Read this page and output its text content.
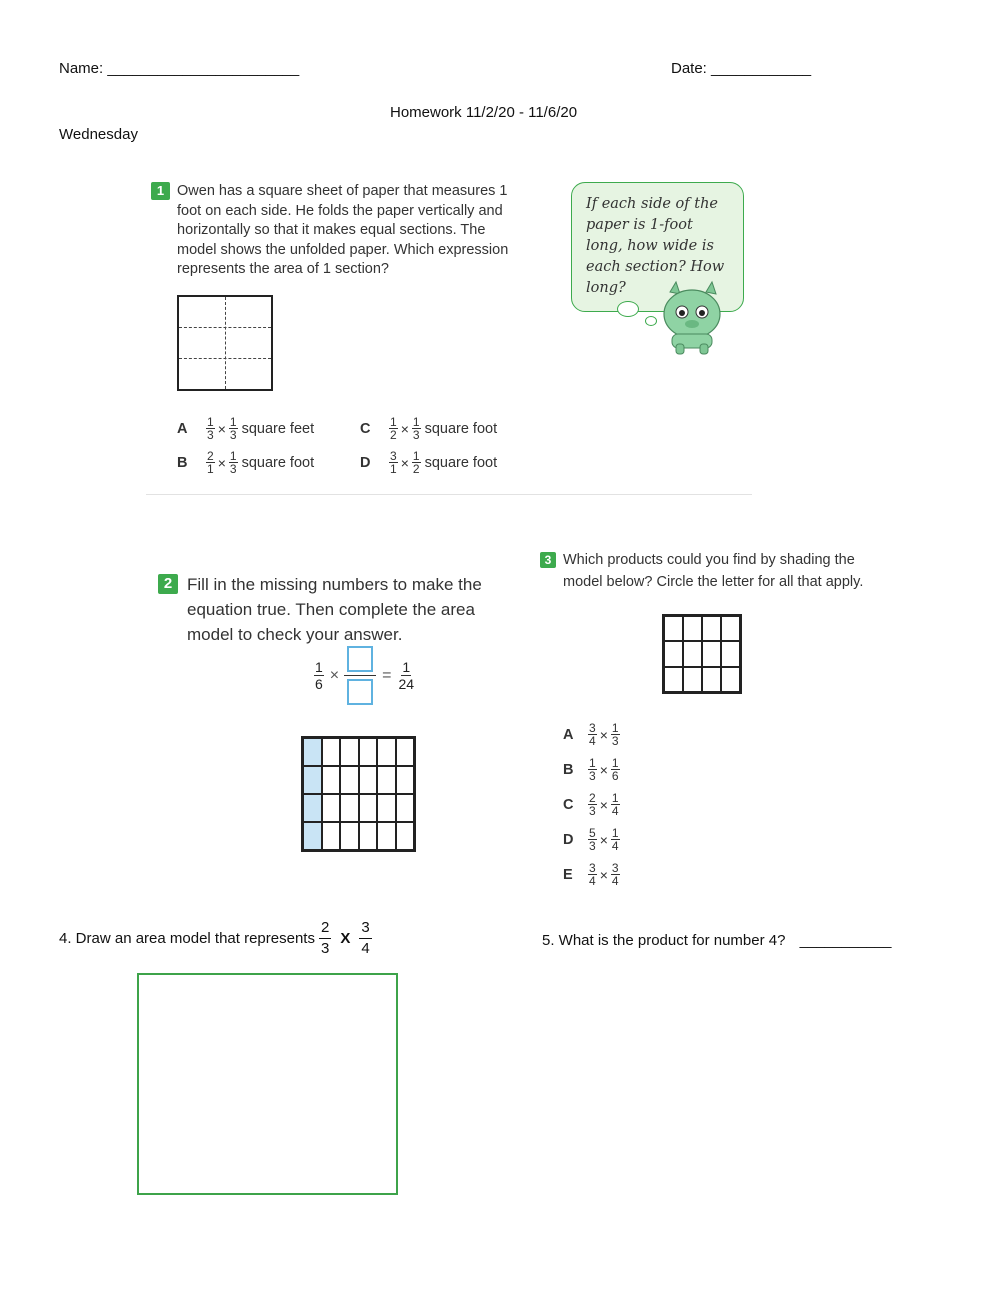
Name: _______________________	Date: ____________
Homework 11/2/20 - 11/6/20
Wednesday
1 Owen has a square sheet of paper that measures 1 foot on each side. He folds the paper vertically and horizontally so that it makes equal sections. The model shows the unfolded paper. Which expression represents the area of 1 section?
If each side of the paper is 1-foot long, how wide is each section? How long?
A	$\frac{1}{3} \times \frac{1}{3}$ square feet	C	$\frac{1}{2} \times \frac{1}{3}$ square foot
B	$\frac{2}{1} \times \frac{1}{3}$ square foot	D	$\frac{3}{1} \times \frac{1}{2}$ square foot
2 Fill in the missing numbers to make the equation true. Then complete the area model to check your answer.
$\frac{1}{6}$ ×	= $\frac{1}{24}$
3 Which products could you find by shading the model below? Circle the letter for all that apply.
A	$\frac{3}{4} \times \frac{1}{3}$
B	$\frac{1}{3} \times \frac{1}{6}$
C	$\frac{2}{3} \times \frac{1}{4}$
D	$\frac{5}{3} \times \frac{1}{4}$
E	$\frac{3}{4} \times \frac{3}{4}$
4. Draw an area model that represents $\frac{2}{3}$ X $\frac{3}{4}$	5. What is the product for number 4? ___________
